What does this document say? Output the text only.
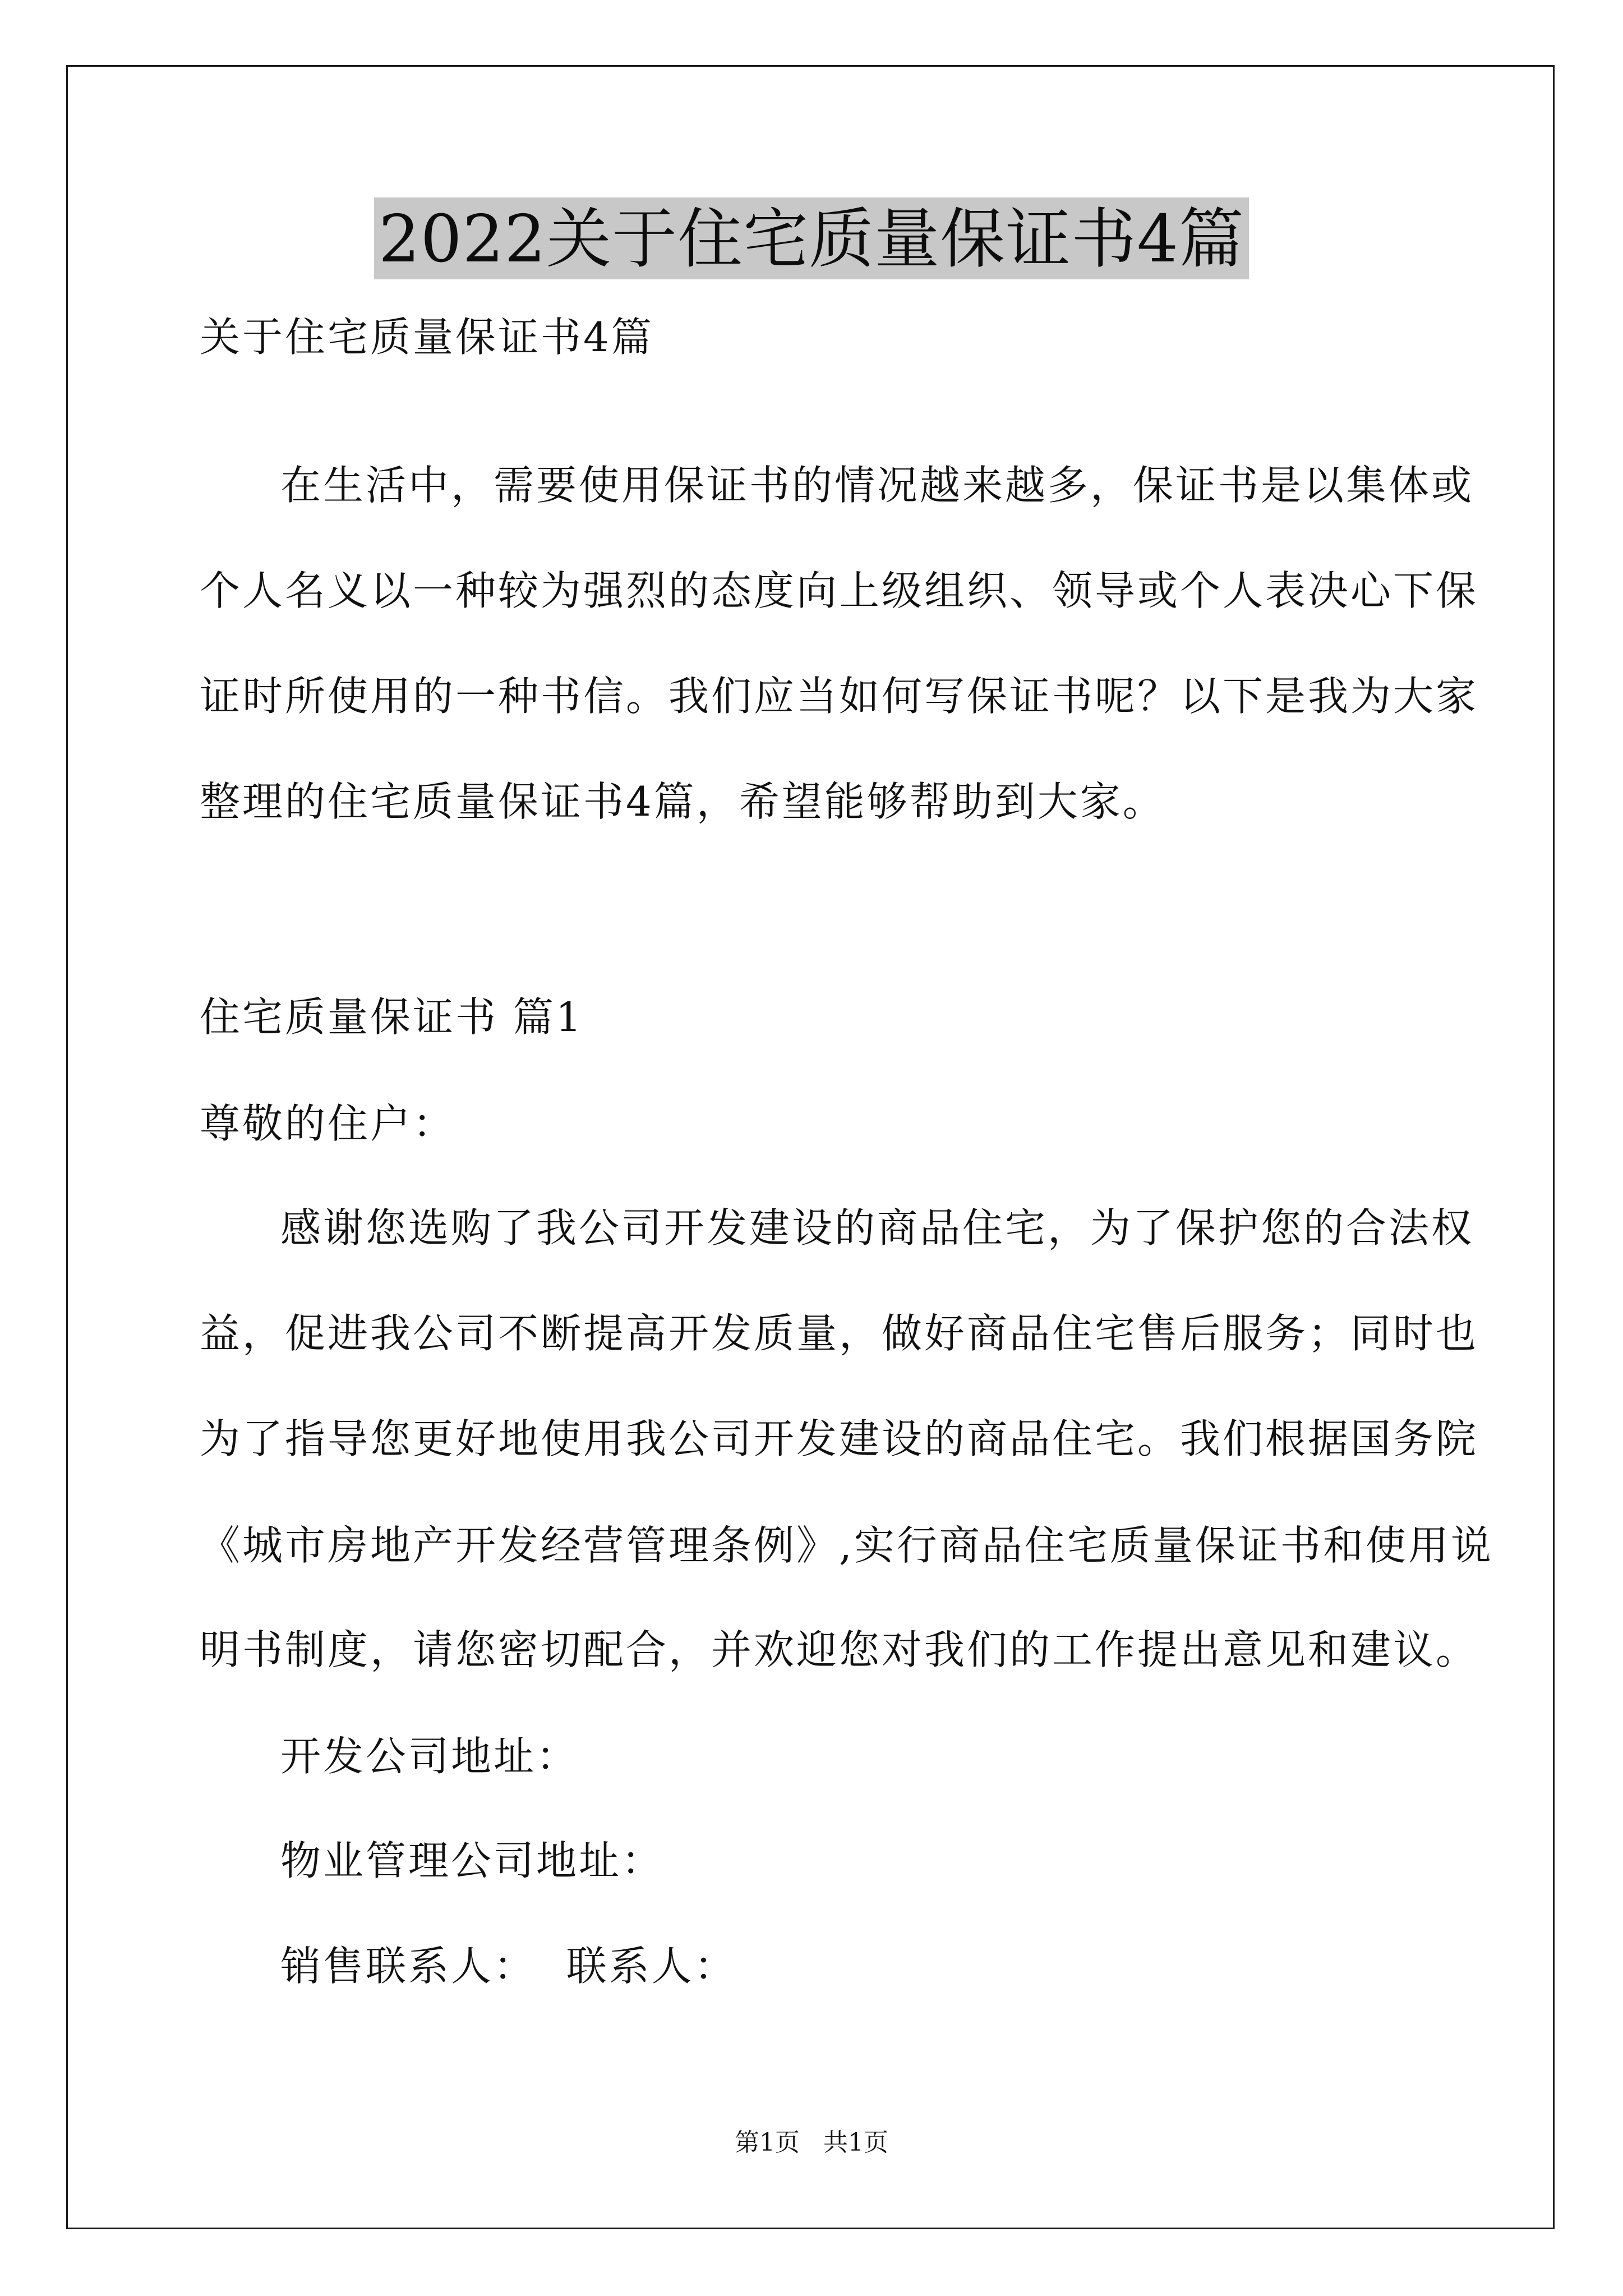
2022关于住宅质量保证书4篇
关于住宅质量保证书4篇
在生活中，需要使用保证书的情况越来越多，保证书是以集体或
个人名义以一种较为强烈的态度向上级组织、领导或个人表决心下保
证时所使用的一种书信。我们应当如何写保证书呢？以下是我为大家
整理的住宅质量保证书4篇，希望能够帮助到大家。
住宅质量保证书 篇1
尊敬的住户：
感谢您选购了我公司开发建设的商品住宅，为了保护您的合法权
益，促进我公司不断提高开发质量，做好商品住宅售后服务；同时也
为了指导您更好地使用我公司开发建设的商品住宅。我们根据国务院
《城市房地产开发经营管理条例》,实行商品住宅质量保证书和使用说
明书制度，请您密切配合，并欢迎您对我们的工作提出意见和建议。
开发公司地址：
物业管理公司地址：
销售联系人：  联系人：
第1页   共1页
